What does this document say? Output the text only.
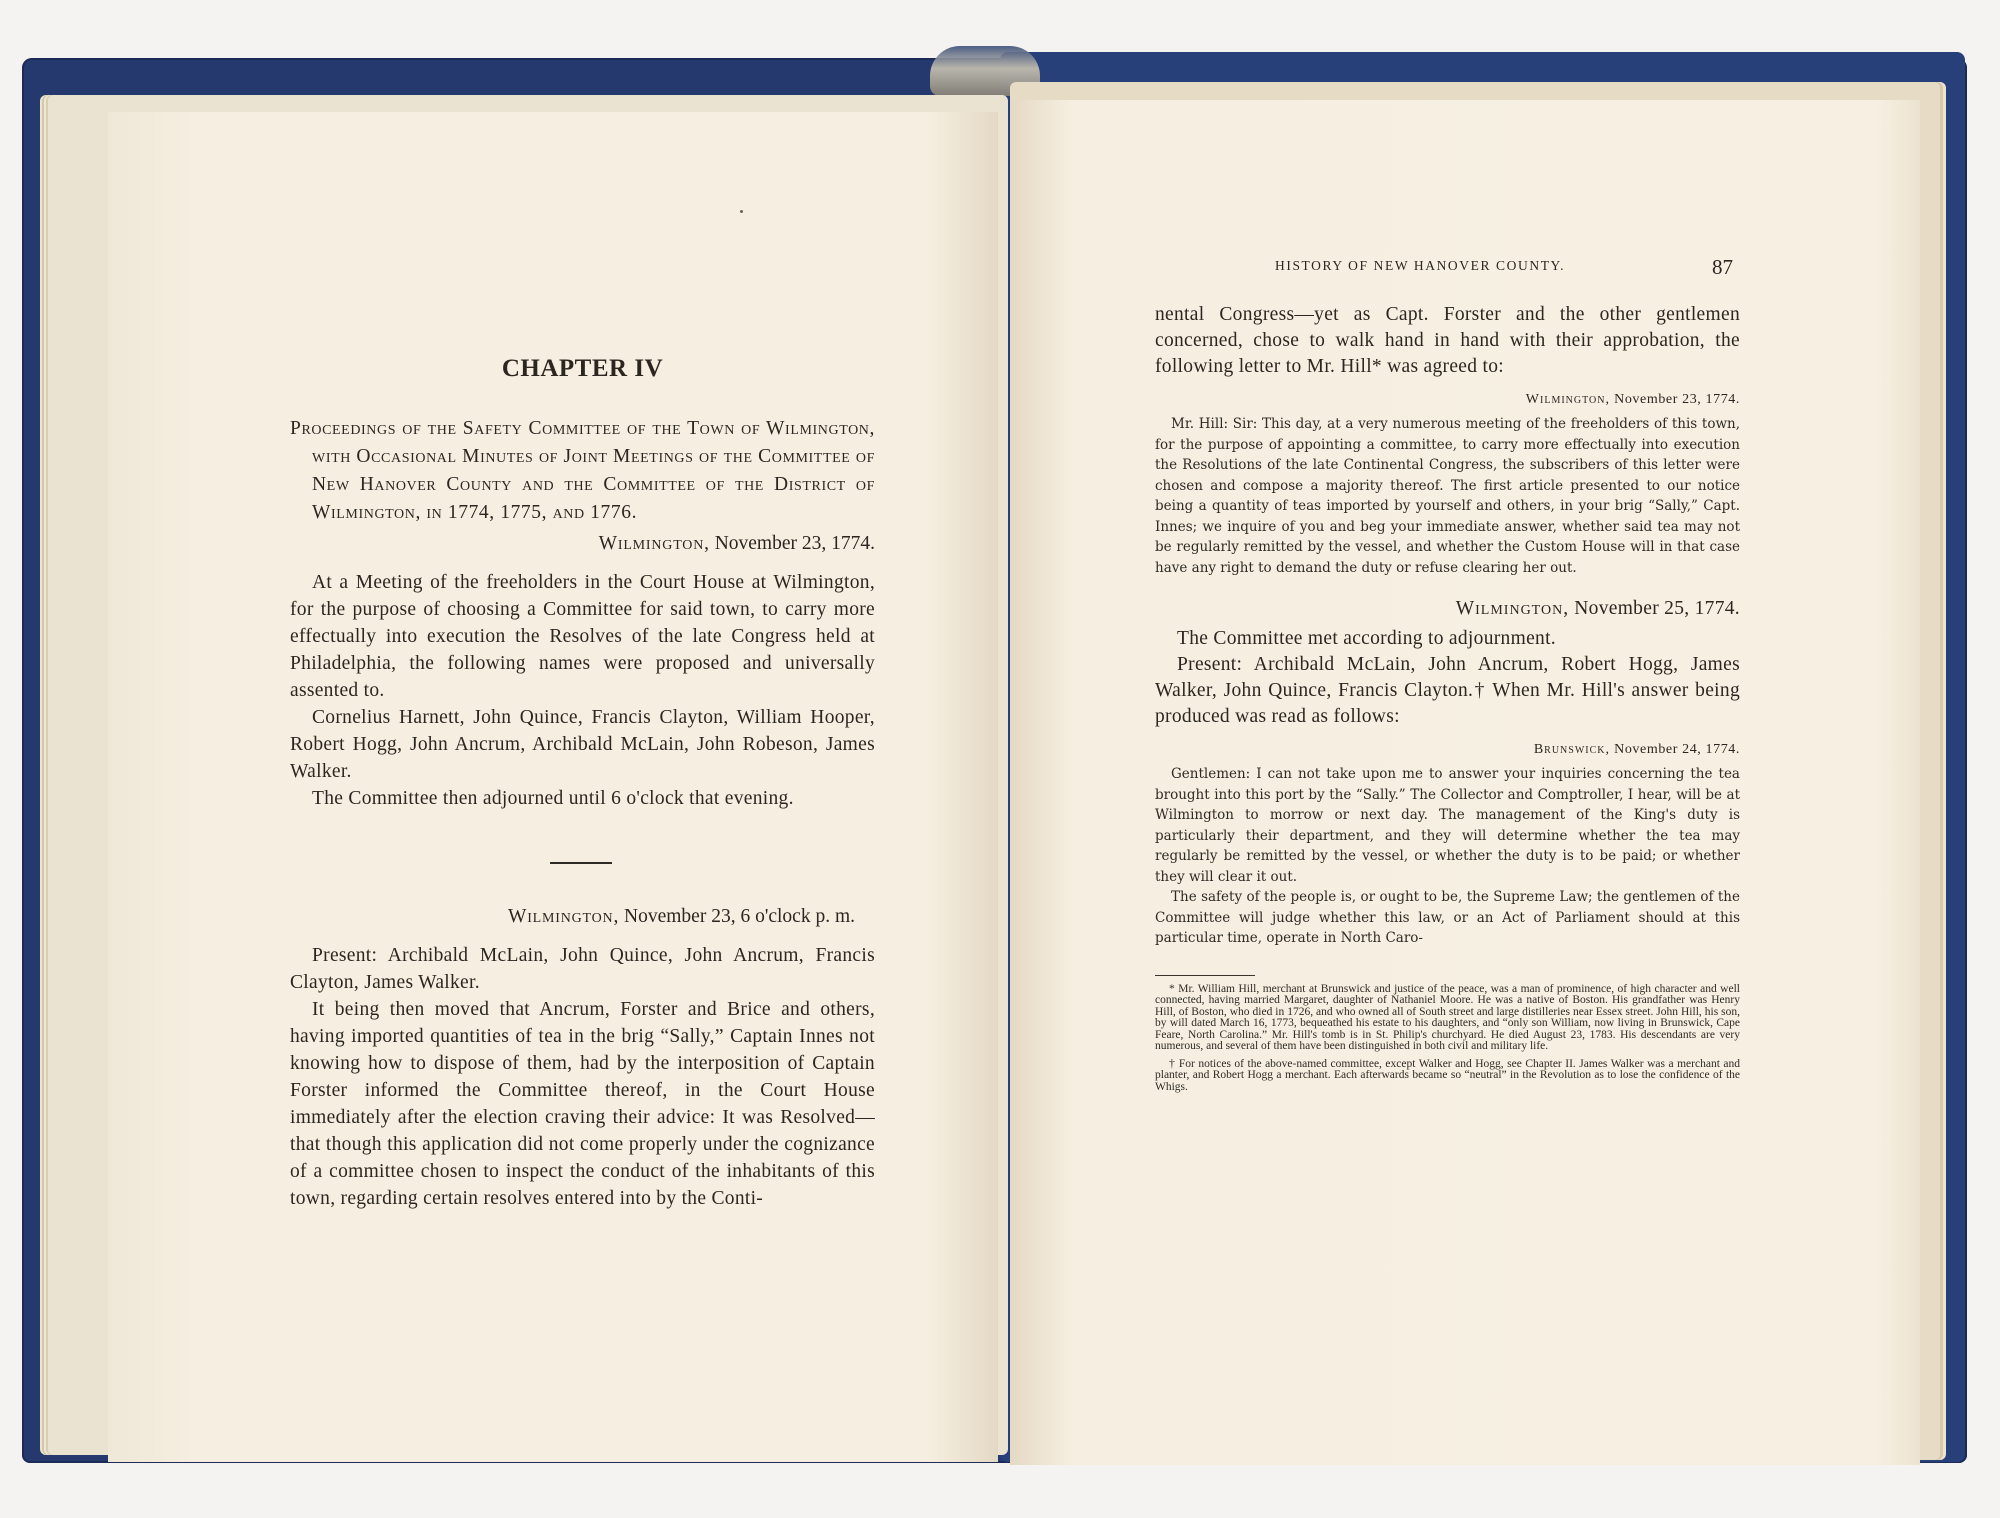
CHAPTER IV

Proceedings of the Safety Committee of the Town of Wilmington, with Occasional Minutes of Joint Meetings of the Committee of New Hanover County and the Committee of the District of Wilmington, in 1774, 1775, and 1776.

Wilmington, November 23, 1774.

At a Meeting of the freeholders in the Court House at Wilmington, for the purpose of choosing a Committee for said town, to carry more effectually into execution the Resolves of the late Congress held at Philadelphia, the following names were proposed and universally assented to.

Cornelius Harnett, John Quince, Francis Clayton, William Hooper, Robert Hogg, John Ancrum, Archibald McLain, John Robeson, James Walker.

The Committee then adjourned until 6 o'clock that evening.

Wilmington, November 23, 6 o'clock p. m.

Present: Archibald McLain, John Quince, John Ancrum, Francis Clayton, James Walker.

It being then moved that Ancrum, Forster and Brice and others, having imported quantities of tea in the brig “Sally,” Captain Innes not knowing how to dispose of them, had by the interposition of Captain Forster informed the Committee thereof, in the Court House immediately after the election craving their advice: It was Resolved—that though this application did not come properly under the cognizance of a committee chosen to inspect the conduct of the inhabitants of this town, regarding certain resolves entered into by the Conti-

HISTORY OF NEW HANOVER COUNTY.	87

nental Congress—yet as Capt. Forster and the other gentlemen concerned, chose to walk hand in hand with their approbation, the following letter to Mr. Hill* was agreed to:

Wilmington, November 23, 1774.

Mr. Hill: Sir: This day, at a very numerous meeting of the freeholders of this town, for the purpose of appointing a committee, to carry more effectually into execution the Resolutions of the late Continental Congress, the subscribers of this letter were chosen and compose a majority thereof. The first article presented to our notice being a quantity of teas imported by yourself and others, in your brig “Sally,” Capt. Innes; we inquire of you and beg your immediate answer, whether said tea may not be regularly remitted by the vessel, and whether the Custom House will in that case have any right to demand the duty or refuse clearing her out.

Wilmington, November 25, 1774.

The Committee met according to adjournment.

Present: Archibald McLain, John Ancrum, Robert Hogg, James Walker, John Quince, Francis Clayton.† When Mr. Hill's answer being produced was read as follows:

Brunswick, November 24, 1774.

Gentlemen: I can not take upon me to answer your inquiries concerning the tea brought into this port by the “Sally.” The Collector and Comptroller, I hear, will be at Wilmington to morrow or next day. The management of the King's duty is particularly their department, and they will determine whether the tea may regularly be remitted by the vessel, or whether the duty is to be paid; or whether they will clear it out.

The safety of the people is, or ought to be, the Supreme Law; the gentlemen of the Committee will judge whether this law, or an Act of Parliament should at this particular time, operate in North Caro-

* Mr. William Hill, merchant at Brunswick and justice of the peace, was a man of prominence, of high character and well connected, having married Margaret, daughter of Nathaniel Moore. He was a native of Boston. His grandfather was Henry Hill, of Boston, who died in 1726, and who owned all of South street and large distilleries near Essex street. John Hill, his son, by will dated March 16, 1773, bequeathed his estate to his daughters, and “only son William, now living in Brunswick, Cape Feare, North Carolina.” Mr. Hill's tomb is in St. Philip's churchyard. He died August 23, 1783. His descendants are very numerous, and several of them have been distinguished in both civil and military life.

† For notices of the above-named committee, except Walker and Hogg, see Chapter II. James Walker was a merchant and planter, and Robert Hogg a merchant. Each afterwards became so “neutral” in the Revolution as to lose the confidence of the Whigs.
